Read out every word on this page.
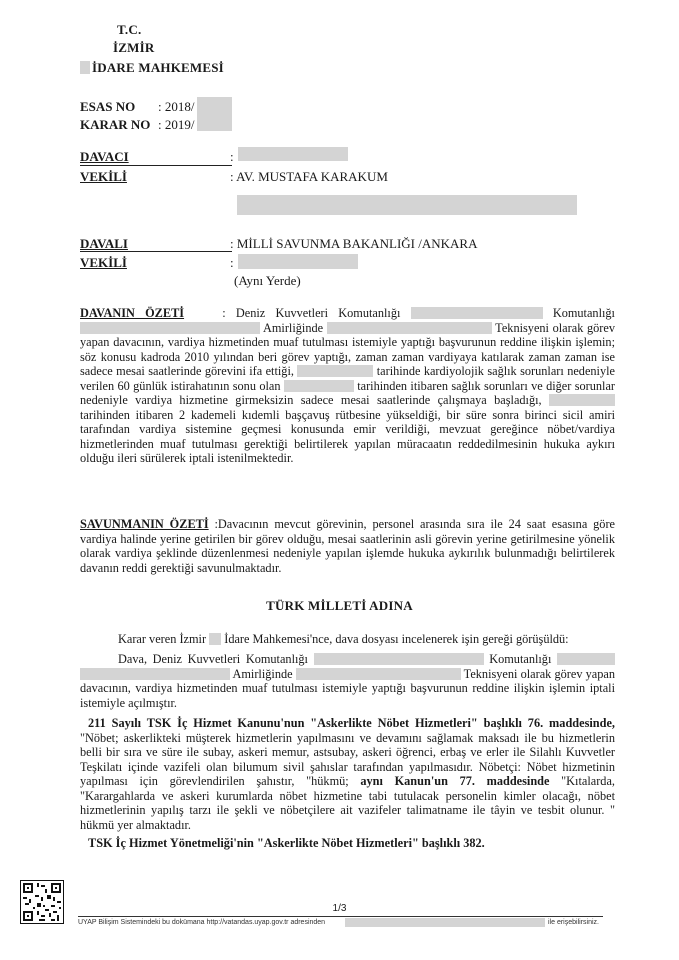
T.C.
İZMİR
İDARE MAHKEMESİ
ESAS NO : 2018/
KARAR NO : 2019/
DAVACI	:
VEKİLİ	: AV. MUSTAFA KARAKUM
DAVALI	: MİLLİ SAVUNMA BAKANLIĞI /ANKARA
VEKİLİ	:
(Aynı Yerde)
DAVANIN ÖZETİ : Deniz Kuvvetleri Komutanlığı	Komutanlığı  Amirliğinde	Teknisyeni olarak görev yapan davacının, vardiya hizmetinden muaf tutulması istemiyle yaptığı başvurunun reddine ilişkin işlemin; söz konusu kadroda 2010 yılından beri görev yaptığı, zaman zaman vardiyaya katılarak zaman zaman ise sadece mesai saatlerinde görevini ifa ettiği,	tarihinde kardiyolojik sağlık sorunları nedeniyle verilen 60 günlük istirahatının sonu olan	tarihinden itibaren sağlık sorunları ve diğer sorunlar nedeniyle vardiya hizmetine girmeksizin sadece mesai saatlerinde çalışmaya başladığı,  tarihinden itibaren 2 kademeli kıdemli başçavuş rütbesine yükseldiği, bir süre sonra birinci sicil amiri tarafından vardiya sistemine geçmesi konusunda emir verildiği, mevzuat gereğince nöbet/vardiya hizmetlerinden muaf tutulması gerektiği belirtilerek yapılan müracaatın reddedilmesinin hukuka aykırı olduğu ileri sürülerek iptali istenilmektedir.
SAVUNMANIN ÖZETİ :Davacının mevcut görevinin, personel arasında sıra ile 24 saat esasına göre vardiya halinde yerine getirilen bir görev olduğu, mesai saatlerinin asli görevin yerine getirilmesine yönelik olarak vardiya şeklinde düzenlenmesi nedeniyle yapılan işlemde hukuka aykırılık bulunmadığı belirtilerek davanın reddi gerektiği savunulmaktadır.
TÜRK MİLLETİ ADINA
Karar veren İzmir  İdare Mahkemesi'nce, dava dosyası incelenerek işin gereği görüşüldü:
Dava, Deniz Kuvvetleri Komutanlığı	Komutanlığı  Amirliğinde	Teknisyeni olarak görev yapan davacının, vardiya hizmetinden muaf tutulması istemiyle yaptığı başvurunun reddine ilişkin işlemin iptali istemiyle açılmıştır.
211 Sayılı TSK İç Hizmet Kanunu'nun "Askerlikte Nöbet Hizmetleri" başlıklı 76. maddesinde, "Nöbet; askerlikteki müşterek hizmetlerin yapılmasını ve devamını sağlamak maksadı ile bu hizmetlerin belli bir sıra ve süre ile subay, askeri memur, astsubay, askeri öğrenci, erbaş ve erler ile Silahlı Kuvvetler Teşkilatı içinde vazifeli olan bilumum sivil şahıslar tarafından yapılmasıdır. Nöbetçi: Nöbet hizmetinin yapılması için görevlendirilen şahıstır, "hükmü; aynı Kanun'un 77. maddesinde "Kıtalarda, "Karargahlarda ve askeri kurumlarda nöbet hizmetine tabi tutulacak personelin kimler olacağı, nöbet hizmetlerinin yapılış tarzı ile şekli ve nöbetçilere ait vazifeler talimatname ile tâyin ve tesbit olunur. " hükmü yer almaktadır.
TSK İç Hizmet Yönetmeliği'nin "Askerlikte Nöbet Hizmetleri" başlıklı 382.
1/3
UYAP Bilişim Sistemindeki bu dokümana http://vatandas.uyap.gov.tr adresinden	ile erişebilirsiniz.
